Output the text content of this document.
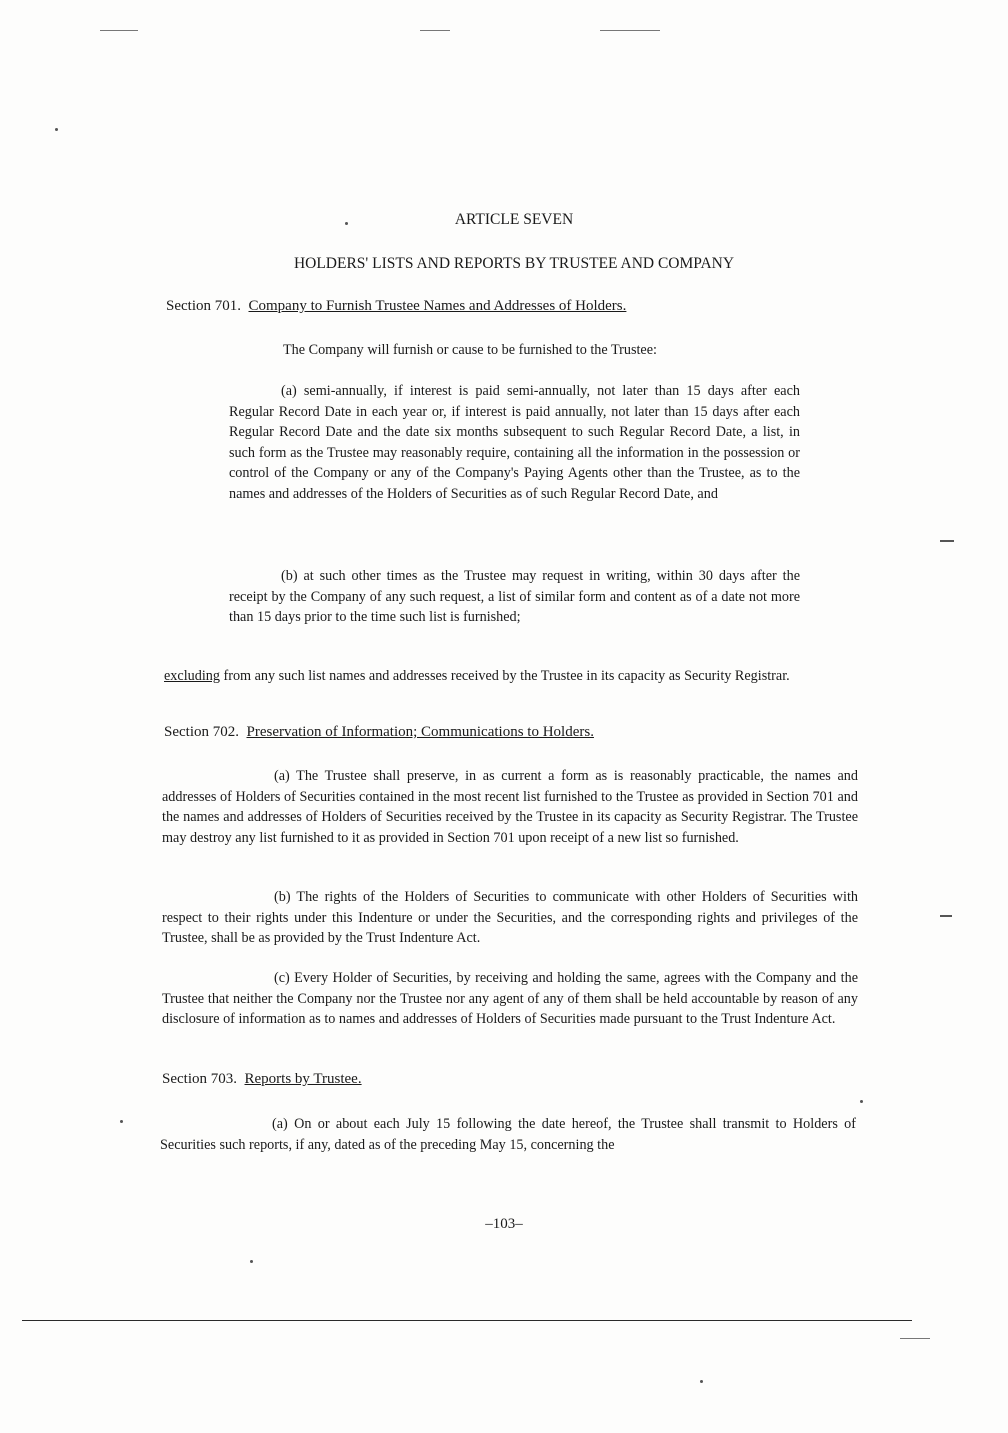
ARTICLE SEVEN
HOLDERS' LISTS AND REPORTS BY TRUSTEE AND COMPANY
Section 701. Company to Furnish Trustee Names and Addresses of Holders.

The Company will furnish or cause to be furnished to the Trustee:

(a) semi-annually, if interest is paid semi-annually, not later than 15 days after each Regular Record Date in each year or, if interest is paid annually, not later than 15 days after each Regular Record Date and the date six months subsequent to such Regular Record Date, a list, in such form as the Trustee may reasonably require, containing all the information in the possession or control of the Company or any of the Company's Paying Agents other than the Trustee, as to the names and addresses of the Holders of Securities as of such Regular Record Date, and

(b) at such other times as the Trustee may request in writing, within 30 days after the receipt by the Company of any such request, a list of similar form and content as of a date not more than 15 days prior to the time such list is furnished;

excluding from any such list names and addresses received by the Trustee in its capacity as Security Registrar.

Section 702. Preservation of Information; Communications to Holders.

(a) The Trustee shall preserve, in as current a form as is reasonably practicable, the names and addresses of Holders of Securities contained in the most recent list furnished to the Trustee as provided in Section 701 and the names and addresses of Holders of Securities received by the Trustee in its capacity as Security Registrar. The Trustee may destroy any list furnished to it as provided in Section 701 upon receipt of a new list so furnished.

(b) The rights of the Holders of Securities to communicate with other Holders of Securities with respect to their rights under this Indenture or under the Securities, and the corresponding rights and privileges of the Trustee, shall be as provided by the Trust Indenture Act.

(c) Every Holder of Securities, by receiving and holding the same, agrees with the Company and the Trustee that neither the Company nor the Trustee nor any agent of any of them shall be held accountable by reason of any disclosure of information as to names and addresses of Holders of Securities made pursuant to the Trust Indenture Act.

Section 703. Reports by Trustee.

(a) On or about each July 15 following the date hereof, the Trustee shall transmit to Holders of Securities such reports, if any, dated as of the preceding May 15, concerning the

–103–
